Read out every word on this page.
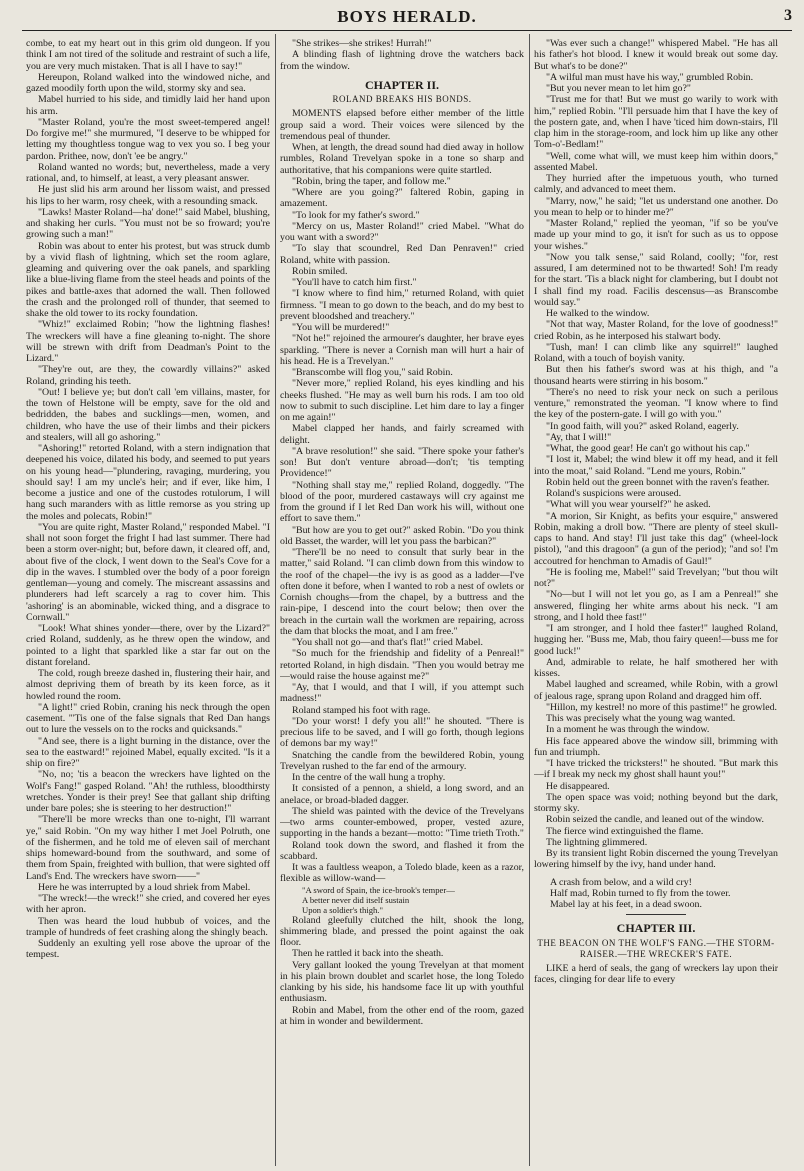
BOYS HERALD.	3

combe, to eat my heart out in this grim old dungeon. If you think I am not tired of the solitude and restraint of such a life, you are very much mistaken. That is all I have to say!"

Hereupon, Roland walked into the windowed niche, and gazed moodily forth upon the wild, stormy sky and sea.

Mabel hurried to his side, and timidly laid her hand upon his arm.

"Master Roland, you're the most sweet-tempered angel! Do forgive me!" she murmured, "I deserve to be whipped for letting my thoughtless tongue wag to vex you so. I beg your pardon. Prithee, now, don't 'ee be angry."

Roland wanted no words; but, nevertheless, made a very rational, and, to himself, at least, a very pleasant answer.

He just slid his arm around her lissom waist, and pressed his lips to her warm, rosy cheek, with a resounding smack.

"Lawks! Master Roland—ha' done!" said Mabel, blushing, and shaking her curls. "You must not be so froward; you're growing such a man!"

Robin was about to enter his protest, but was struck dumb by a vivid flash of lightning, which set the room aglare, gleaming and quivering over the oak panels, and sparkling like a blue-living flame from the steel heads and points of the pikes and battle-axes that adorned the wall. Then followed the crash and the prolonged roll of thunder, that seemed to shake the old tower to its rocky foundation.

"Whiz!" exclaimed Robin; "how the lightning flashes! The wreckers will have a fine gleaning to-night. The shore will be strewn with drift from Deadman's Point to the Lizard."

"They're out, are they, the cowardly villains?" asked Roland, grinding his teeth.

"Out! I believe ye; but don't call 'em villains, master, for the town of Helstone will be empty, save for the old and bedridden, the babes and sucklings—men, women, and children, who have the use of their limbs and their pickers and stealers, will all go ashoring."

"Ashoring!" retorted Roland, with a stern indignation that deepened his voice, dilated his body, and seemed to put years on his young head—"plundering, ravaging, murdering, you should say! I am my uncle's heir; and if ever, like him, I become a justice and one of the custodes rotulorum, I will hang such maranders with as little remorse as you string up the moles and polecats, Robin!"

"You are quite right, Master Roland," responded Mabel. "I shall not soon forget the fright I had last summer. There had been a storm over-night; but, before dawn, it cleared off, and, about five of the clock, I went down to the Seal's Cove for a dip in the waves. I stumbled over the body of a poor foreign gentleman—young and comely. The miscreant assassins and plunderers had left scarcely a rag to cover him. This 'ashoring' is an abominable, wicked thing, and a disgrace to Cornwall."

"Look! What shines yonder—there, over by the Lizard?" cried Roland, suddenly, as he threw open the window, and pointed to a light that sparkled like a star far out on the distant foreland.

The cold, rough breeze dashed in, flustering their hair, and almost depriving them of breath by its keen force, as it howled round the room.

"A light!" cried Robin, craning his neck through the open casement. "'Tis one of the false signals that Red Dan hangs out to lure the vessels on to the rocks and quicksands."

"And see, there is a light burning in the distance, over the sea to the eastward!" rejoined Mabel, equally excited. "Is it a ship on fire?"

"No, no; 'tis a beacon the wreckers have lighted on the Wolf's Fang!" gasped Roland. "Ah! the ruthless, bloodthirsty wretches. Yonder is their prey! See that gallant ship drifting under bare poles; she is steering to her destruction!"

"There'll be more wrecks than one to-night, I'll warrant ye," said Robin. "On my way hither I met Joel Polruth, one of the fishermen, and he told me of eleven sail of merchant ships homeward-bound from the southward, and some of them from Spain, freighted with bullion, that were sighted off Land's End. The wreckers have sworn——"

Here he was interrupted by a loud shriek from Mabel.

"The wreck!—the wreck!" she cried, and covered her eyes with her apron.

Then was heard the loud hubbub of voices, and the trample of hundreds of feet crashing along the shingly beach.

Suddenly an exulting yell rose above the uproar of the tempest.

"She strikes—she strikes! Hurrah!"

A blinding flash of lightning drove the watchers back from the window.

CHAPTER II.
ROLAND BREAKS HIS BONDS.

MOMENTS elapsed before either member of the little group said a word. Their voices were silenced by the tremendous peal of thunder.

When, at length, the dread sound had died away in hollow rumbles, Roland Trevelyan spoke in a tone so sharp and authoritative, that his companions were quite startled.

"Robin, bring the taper, and follow me."

"Where are you going?" faltered Robin, gaping in amazement.

"To look for my father's sword."

"Mercy on us, Master Roland!" cried Mabel. "What do you want with a sword?"

"To slay that scoundrel, Red Dan Penraven!" cried Roland, white with passion.

Robin smiled.

"You'll have to catch him first."

"I know where to find him," returned Roland, with quiet firmness. "I mean to go down to the beach, and do my best to prevent bloodshed and treachery."

"You will be murdered!"

"Not he!" rejoined the armourer's daughter, her brave eyes sparkling. "There is never a Cornish man will hurt a hair of his head. He is a Trevelyan."

"Branscombe will flog you," said Robin.

"Never more," replied Roland, his eyes kindling and his cheeks flushed. "He may as well burn his rods. I am too old now to submit to such discipline. Let him dare to lay a finger on me again!"

Mabel clapped her hands, and fairly screamed with delight.

"A brave resolution!" she said. "There spoke your father's son! But don't venture abroad—don't; 'tis tempting Providence!"

"Nothing shall stay me," replied Roland, doggedly. "The blood of the poor, murdered castaways will cry against me from the ground if I let Red Dan work his will, without one effort to save them."

"But how are you to get out?" asked Robin. "Do you think old Basset, the warder, will let you pass the barbican?"

"There'll be no need to consult that surly bear in the matter," said Roland. "I can climb down from this window to the roof of the chapel—the ivy is as good as a ladder—I've often done it before, when I wanted to rob a nest of owlets or Cornish choughs—from the chapel, by a buttress and the rain-pipe, I descend into the court below; then over the breach in the curtain wall the workmen are repairing, across the dam that blocks the moat, and I am free."

"You shall not go—and that's flat!" cried Mabel.

"So much for the friendship and fidelity of a Penreal!" retorted Roland, in high disdain. "Then you would betray me—would raise the house against me?"

"Ay, that I would, and that I will, if you attempt such madness!"

Roland stamped his foot with rage.

"Do your worst! I defy you all!" he shouted. "There is precious life to be saved, and I will go forth, though legions of demons bar my way!"

Snatching the candle from the bewildered Robin, young Trevelyan rushed to the far end of the armoury.

In the centre of the wall hung a trophy.

It consisted of a pennon, a shield, a long sword, and an anelace, or broad-bladed dagger.

The shield was painted with the device of the Trevelyans—two arms counter-embowed, proper, vested azure, supporting in the hands a bezant—motto: "Time trieth Troth."

Roland took down the sword, and flashed it from the scabbard.

It was a faultless weapon, a Toledo blade, keen as a razor, flexible as willow-wand—

"A sword of Spain, the ice-brook's temper—
A better never did itself sustain
Upon a soldier's thigh."

Roland gleefully clutched the hilt, shook the long, shimmering blade, and pressed the point against the oak floor.

Then he rattled it back into the sheath.

Very gallant looked the young Trevelyan at that moment in his plain brown doublet and scarlet hose, the long Toledo clanking by his side, his handsome face lit up with youthful enthusiasm.

Robin and Mabel, from the other end of the room, gazed at him in wonder and bewilderment.

"Was ever such a change!" whispered Mabel. "He has all his father's hot blood. I knew it would break out some day. But what's to be done?"

"A wilful man must have his way," grumbled Robin.

"But you never mean to let him go?"

"Trust me for that! But we must go warily to work with him," replied Robin. "I'll persuade him that I have the key of the postern gate, and, when I have 'ticed him down-stairs, I'll clap him in the storage-room, and lock him up like any other Tom-o'-Bedlam!"

"Well, come what will, we must keep him within doors," assented Mabel.

They hurried after the impetuous youth, who turned calmly, and advanced to meet them.

"Marry, now," he said; "let us understand one another. Do you mean to help or to hinder me?"

"Master Roland," replied the yeoman, "if so be you've made up your mind to go, it isn't for such as us to oppose your wishes."

"Now you talk sense," said Roland, coolly; "for, rest assured, I am determined not to be thwarted! Soh! I'm ready for the start. 'Tis a black night for clambering, but I doubt not I shall find my road. Facilis descensus—as Branscombe would say."

He walked to the window.

"Not that way, Master Roland, for the love of goodness!" cried Robin, as he interposed his stalwart body.

"Tush, man! I can climb like any squirrel!" laughed Roland, with a touch of boyish vanity.

But then his father's sword was at his thigh, and "a thousand hearts were stirring in his bosom."

"There's no need to risk your neck on such a perilous venture," remonstrated the yeoman. "I know where to find the key of the postern-gate. I will go with you."

"In good faith, will you?" asked Roland, eagerly.

"Ay, that I will!"

"What, the good gear! He can't go without his cap."

"I lost it, Mabel; the wind blew it off my head, and it fell into the moat," said Roland. "Lend me yours, Robin."

Robin held out the green bonnet with the raven's feather.

Roland's suspicions were aroused.

"What will you wear yourself?" he asked.

"A morion, Sir Knight, as befits your esquire," answered Robin, making a droll bow. "There are plenty of steel skull-caps to hand. And stay! I'll just take this dag" (wheel-lock pistol), "and this dragoon" (a gun of the period); "and so! I'm accoutred for henchman to Amadis of Gaul!"

"He is fooling me, Mabel!" said Trevelyan; "but thou wilt not?"

"No—but I will not let you go, as I am a Penreal!" she answered, flinging her white arms about his neck. "I am strong, and I hold thee fast!"

"I am stronger, and I hold thee faster!" laughed Roland, hugging her. "Buss me, Mab, thou fairy queen!—buss me for good luck!"

And, admirable to relate, he half smothered her with kisses.

Mabel laughed and screamed, while Robin, with a growl of jealous rage, sprang upon Roland and dragged him off.

"Hillon, my kestrel! no more of this pastime!" he growled.

This was precisely what the young wag wanted.

In a moment he was through the window.

His face appeared above the window sill, brimming with fun and triumph.

"I have tricked the tricksters!" he shouted. "But mark this—if I break my neck my ghost shall haunt you!"

He disappeared.

The open space was void; nothing beyond but the dark, stormy sky.

Robin seized the candle, and leaned out of the window.

The fierce wind extinguished the flame.

The lightning glimmered.

By its transient light Robin discerned the young Trevelyan lowering himself by the ivy, hand under hand.

A crash from below, and a wild cry!
Half mad, Robin turned to fly from the tower.
Mabel lay at his feet, in a dead swoon.
CHAPTER III.
THE BEACON ON THE WOLF'S FANG.—THE STORM-RAISER.—THE WRECKER'S FATE.

LIKE a herd of seals, the gang of wreckers lay upon their faces, clinging for dear life to every
